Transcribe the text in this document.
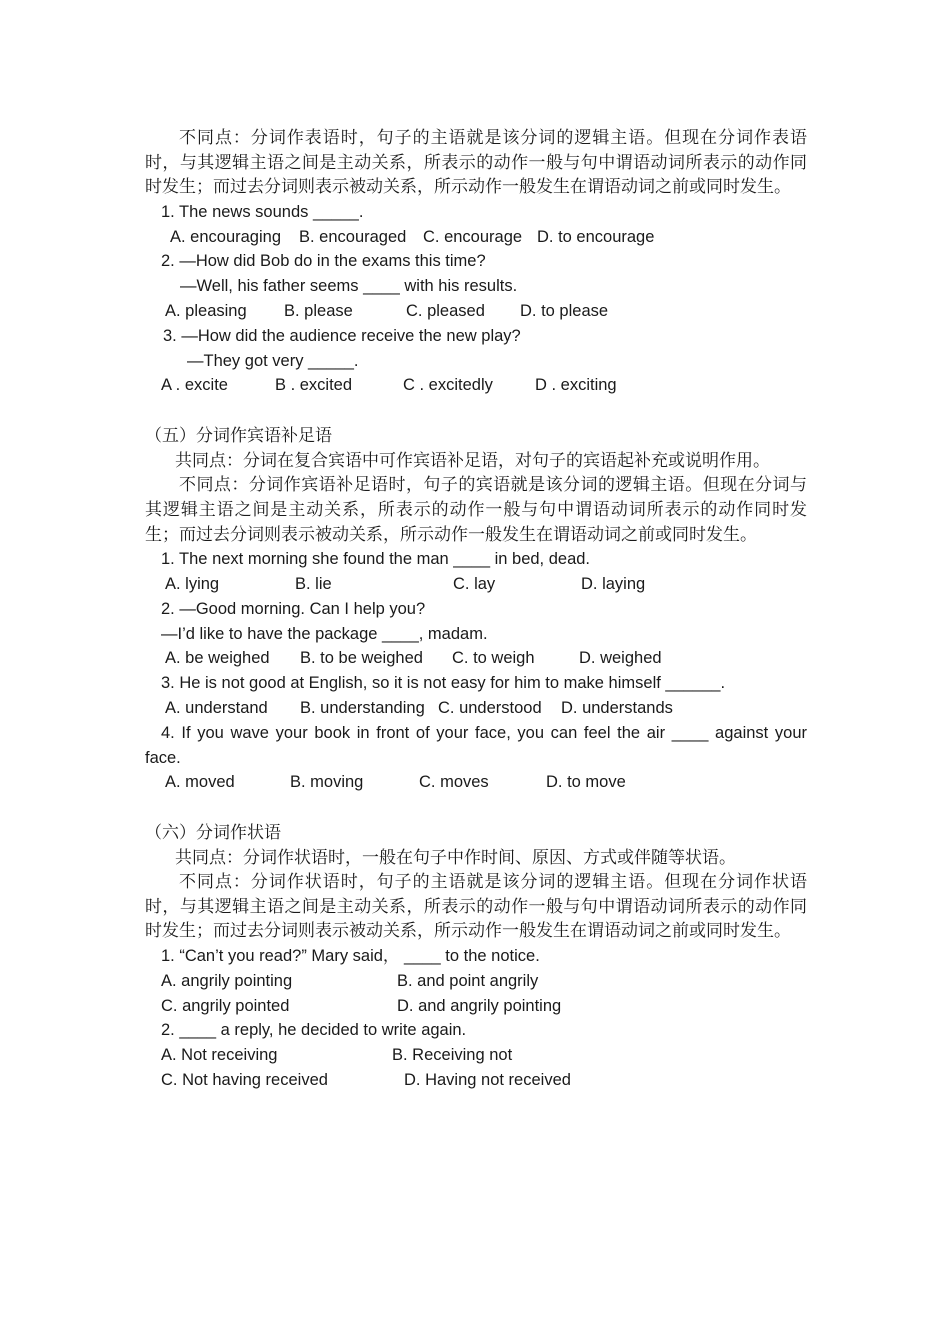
不同点：分词作表语时，句子的主语就是该分词的逻辑主语。但现在分词作表语时，与其逻辑主语之间是主动关系，所表示的动作一般与句中谓语动词所表示的动作同时发生；而过去分词则表示被动关系，所示动作一般发生在谓语动词之前或同时发生。

1. The news sounds _____.

A. encouraging	B. encouraged	C. encourage D. to encourage

2. —How did Bob do in the exams this time?

—Well, his father seems ____ with his results.

A. pleasing	B. please	C. pleased	D. to please

3. —How did the audience receive the new play?

—They got very _____.

A . excite	B . excited	C . excitedly	D . exciting

（五）分词作宾语补足语

共同点：分词在复合宾语中可作宾语补足语，对句子的宾语起补充或说明作用。

不同点：分词作宾语补足语时，句子的宾语就是该分词的逻辑主语。但现在分词与其逻辑主语之间是主动关系，所表示的动作一般与句中谓语动词所表示的动作同时发生；而过去分词则表示被动关系，所示动作一般发生在谓语动词之前或同时发生。

1. The next morning she found the man ____ in bed, dead.

A. lying	B. lie	C. lay	D. laying

2. —Good morning. Can I help you?

—I’d like to have the package ____, madam.

A. be weighed	B. to be weighed	C. to weigh	D. weighed

3. He is not good at English, so it is not easy for him to make himself ______.

A. understand	B. understanding C. understood	D. understands

4. If you wave your book in front of your face, you can feel the air ____ against your face.

A. moved	B. moving	C. moves	D. to move

（六）分词作状语

共同点：分词作状语时，一般在句子中作时间、原因、方式或伴随等状语。

不同点：分词作状语时，句子的主语就是该分词的逻辑主语。但现在分词作状语时，与其逻辑主语之间是主动关系，所表示的动作一般与句中谓语动词所表示的动作同时发生；而过去分词则表示被动关系，所示动作一般发生在谓语动词之前或同时发生。

1. “Can’t you read?” Mary said， ____ to the notice.

A. angrily pointing	B. and point angrily
C. angrily pointed	D. and angrily pointing

2. ____ a reply, he decided to write again.

A. Not receiving	B. Receiving not
C. Not having received	D. Having not received
